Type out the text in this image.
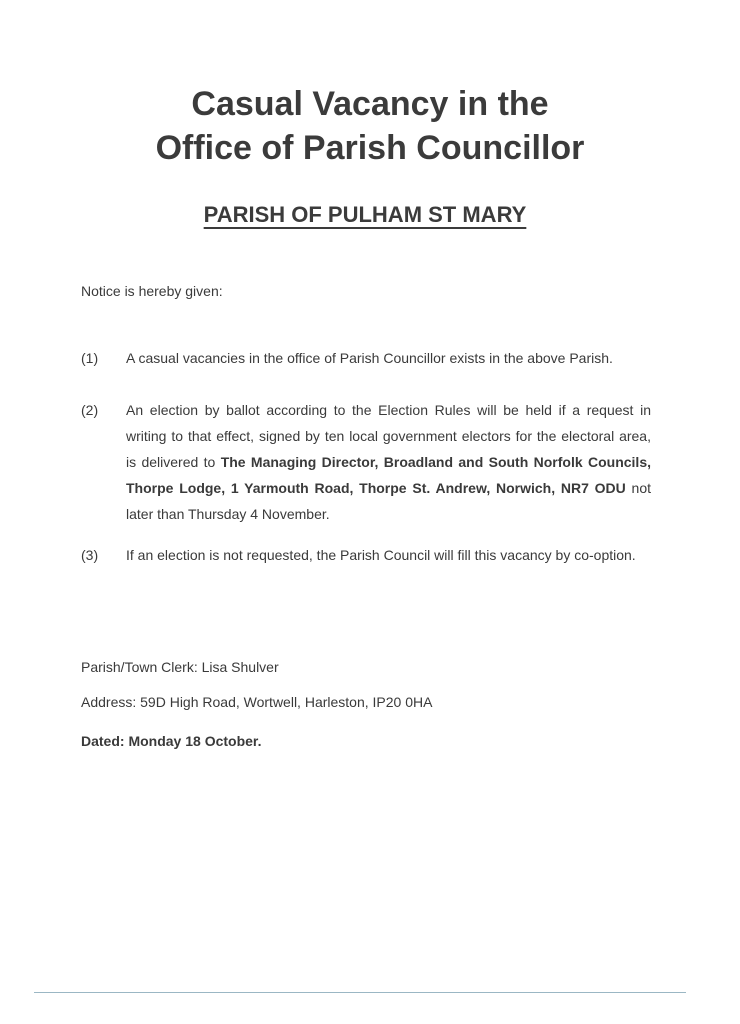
Casual Vacancy in the
Office of Parish Councillor
PARISH OF PULHAM ST MARY

Notice is hereby given:

(1) A casual vacancies in the office of Parish Councillor exists in the above Parish.
(2) An election by ballot according to the Election Rules will be held if a request in writing to that effect, signed by ten local government electors for the electoral area, is delivered to The Managing Director, Broadland and South Norfolk Councils, Thorpe Lodge, 1 Yarmouth Road, Thorpe St. Andrew, Norwich, NR7 ODU not later than Thursday 4 November.
(3) If an election is not requested, the Parish Council will fill this vacancy by co-option.

Parish/Town Clerk: Lisa Shulver

Address: 59D High Road, Wortwell, Harleston, IP20 0HA

Dated: Monday 18 October.
